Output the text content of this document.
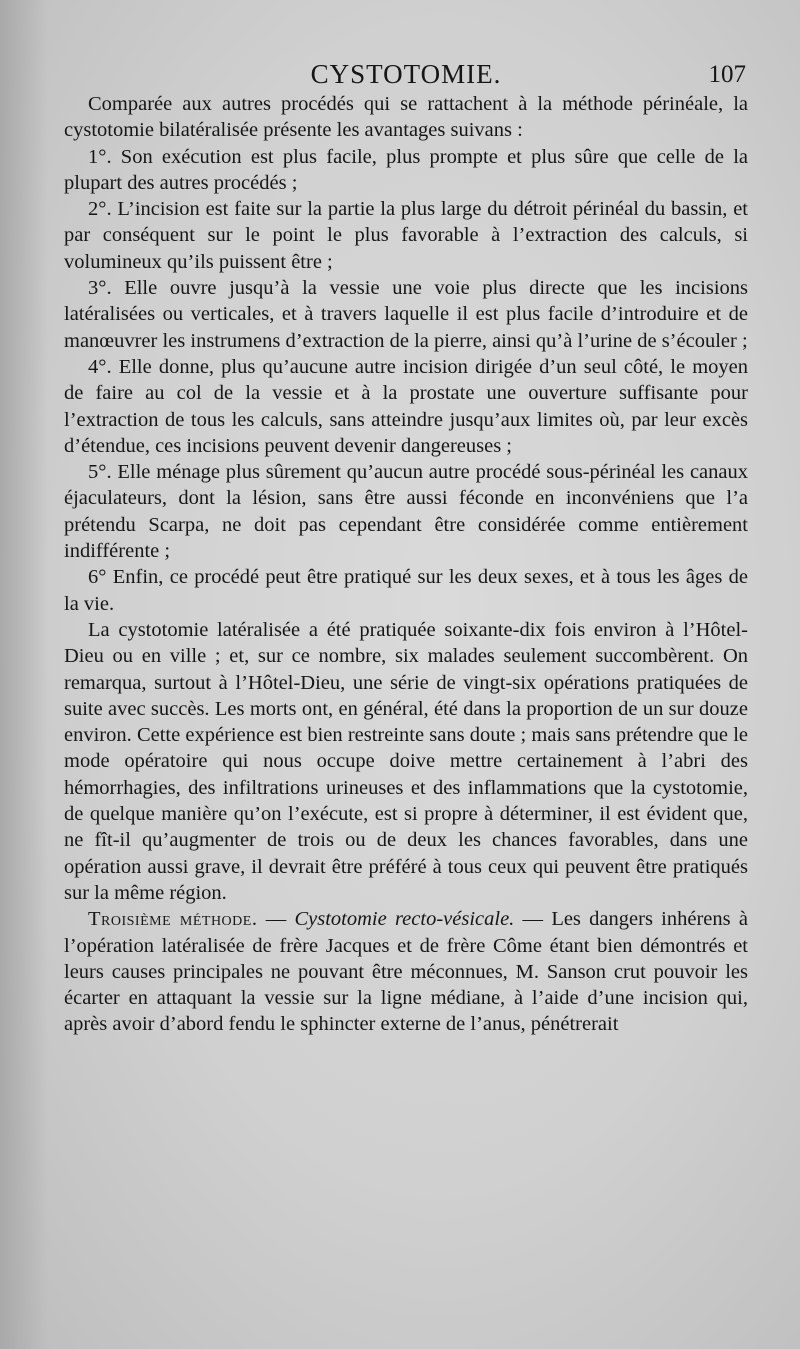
CYSTOTOMIE.	107

Comparée aux autres procédés qui se rattachent à la méthode périnéale, la cystotomie bilatéralisée présente les avantages suivans :

1°. Son exécution est plus facile, plus prompte et plus sûre que celle de la plupart des autres procédés ;

2°. L’incision est faite sur la partie la plus large du détroit périnéal du bassin, et par conséquent sur le point le plus favorable à l’extraction des calculs, si volumineux qu’ils puissent être ;

3°. Elle ouvre jusqu’à la vessie une voie plus directe que les incisions latéralisées ou verticales, et à travers laquelle il est plus facile d’introduire et de manœuvrer les instrumens d’extraction de la pierre, ainsi qu’à l’urine de s’écouler ;

4°. Elle donne, plus qu’aucune autre incision dirigée d’un seul côté, le moyen de faire au col de la vessie et à la prostate une ouverture suffisante pour l’extraction de tous les calculs, sans atteindre jusqu’aux limites où, par leur excès d’étendue, ces incisions peuvent devenir dangereuses ;

5°. Elle ménage plus sûrement qu’aucun autre procédé sous-périnéal les canaux éjaculateurs, dont la lésion, sans être aussi féconde en inconvéniens que l’a prétendu Scarpa, ne doit pas cependant être considérée comme entièrement indifférente ;

6° Enfin, ce procédé peut être pratiqué sur les deux sexes, et à tous les âges de la vie.

La cystotomie latéralisée a été pratiquée soixante-dix fois environ à l’Hôtel-Dieu ou en ville ; et, sur ce nombre, six malades seulement succombèrent. On remarqua, surtout à l’Hôtel-Dieu, une série de vingt-six opérations pratiquées de suite avec succès. Les morts ont, en général, été dans la proportion de un sur douze environ. Cette expérience est bien restreinte sans doute ; mais sans prétendre que le mode opératoire qui nous occupe doive mettre certainement à l’abri des hémorrhagies, des infiltrations urineuses et des inflammations que la cystotomie, de quelque manière qu’on l’exécute, est si propre à déterminer, il est évident que, ne fît-il qu’augmenter de trois ou de deux les chances favorables, dans une opération aussi grave, il devrait être préféré à tous ceux qui peuvent être pratiqués sur la même région.

Troisième méthode. — Cystotomie recto-vésicale. — Les dangers inhérens à l’opération latéralisée de frère Jacques et de frère Côme étant bien démontrés et leurs causes principales ne pouvant être méconnues, M. Sanson crut pouvoir les écarter en attaquant la vessie sur la ligne médiane, à l’aide d’une incision qui, après avoir d’abord fendu le sphincter externe de l’anus, pénétrerait
